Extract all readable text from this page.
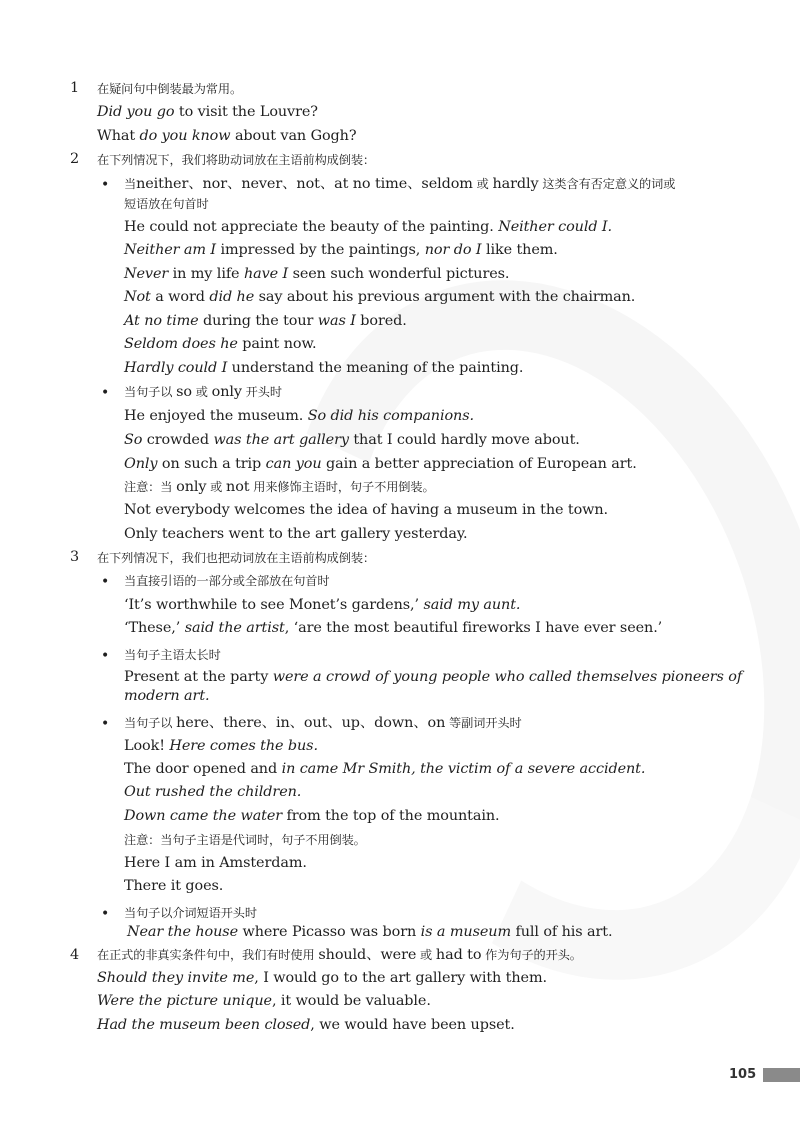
1 在疑问句中倒装最为常用。
Did you go to visit the Louvre?
What do you know about van Gogh?
2 在下列情况下，我们将助动词放在主语前构成倒装：
• 当neither、nor、never、not、at no time、seldom 或 hardly 这类含有否定意义的词或
短语放在句首时
He could not appreciate the beauty of the painting. Neither could I.
Neither am I impressed by the paintings, nor do I like them.
Never in my life have I seen such wonderful pictures.
Not a word did he say about his previous argument with the chairman.
At no time during the tour was I bored.
Seldom does he paint now.
Hardly could I understand the meaning of the painting.
• 当句子以 so 或 only 开头时
He enjoyed the museum. So did his companions.
So crowded was the art gallery that I could hardly move about.
Only on such a trip can you gain a better appreciation of European art.
注意：当 only 或 not 用来修饰主语时，句子不用倒装。
Not everybody welcomes the idea of having a museum in the town.
Only teachers went to the art gallery yesterday.
3 在下列情况下，我们也把动词放在主语前构成倒装：
• 当直接引语的一部分或全部放在句首时
‘It’s worthwhile to see Monet’s gardens,’ said my aunt.
‘These,’ said the artist, ‘are the most beautiful fireworks I have ever seen.’
• 当句子主语太长时
Present at the party were a crowd of young people who called themselves pioneers of
modern art.
• 当句子以 here、there、in、out、up、down、on 等副词开头时
Look! Here comes the bus.
The door opened and in came Mr Smith, the victim of a severe accident.
Out rushed the children.
Down came the water from the top of the mountain.
注意：当句子主语是代词时，句子不用倒装。
Here I am in Amsterdam.
There it goes.
• 当句子以介词短语开头时
Near the house where Picasso was born is a museum full of his art.
4 在正式的非真实条件句中，我们有时使用 should、were 或 had to 作为句子的开头。
Should they invite me, I would go to the art gallery with them.
Were the picture unique, it would be valuable.
Had the museum been closed, we would have been upset.
105
